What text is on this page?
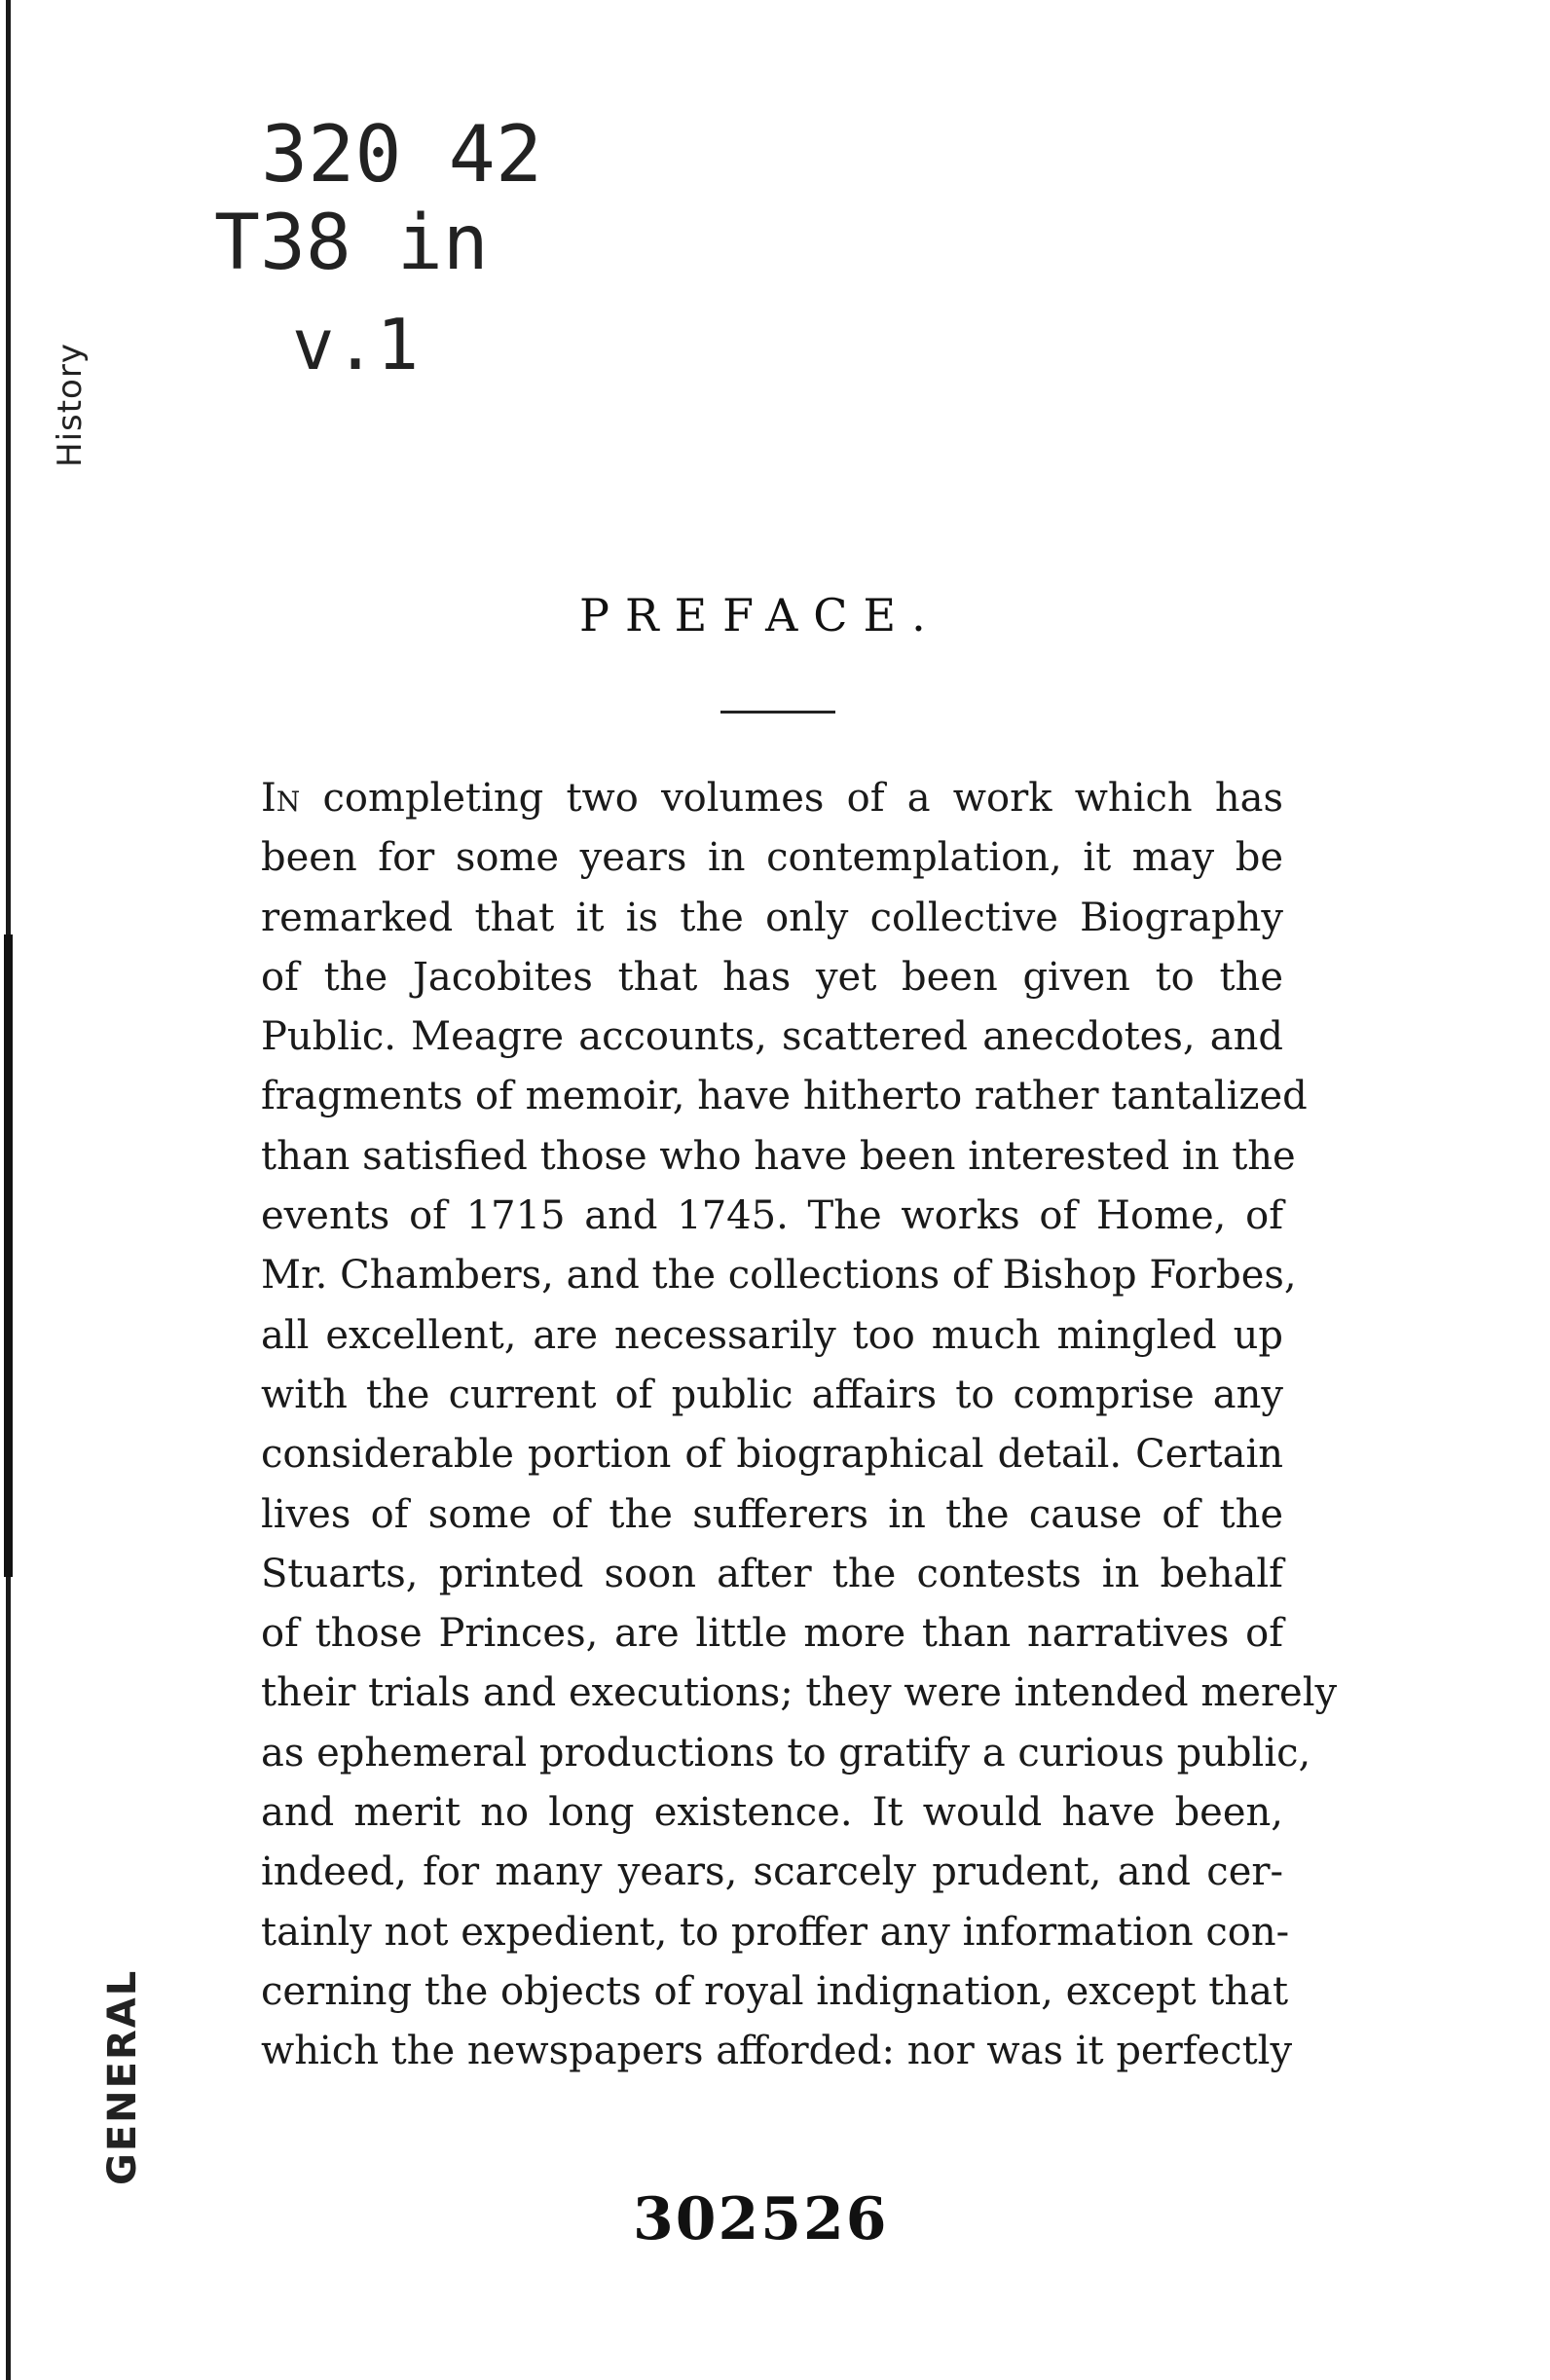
History
GENERAL
320 42
T38 in
v.1
PREFACE.
In completing two volumes of a work which has
been for some years in contemplation, it may be
remarked that it is the only collective Biography
of the Jacobites that has yet been given to the
Public. Meagre accounts, scattered anecdotes, and
fragments of memoir, have hitherto rather tantalized
than satisfied those who have been interested in the
events of 1715 and 1745. The works of Home, of
Mr. Chambers, and the collections of Bishop Forbes,
all excellent, are necessarily too much mingled up
with the current of public affairs to comprise any
considerable portion of biographical detail. Certain
lives of some of the sufferers in the cause of the
Stuarts, printed soon after the contests in behalf
of those Princes, are little more than narratives of
their trials and executions; they were intended merely
as ephemeral productions to gratify a curious public,
and merit no long existence. It would have been,
indeed, for many years, scarcely prudent, and cer-
tainly not expedient, to proffer any information con-
cerning the objects of royal indignation, except that
which the newspapers afforded: nor was it perfectly
302526
